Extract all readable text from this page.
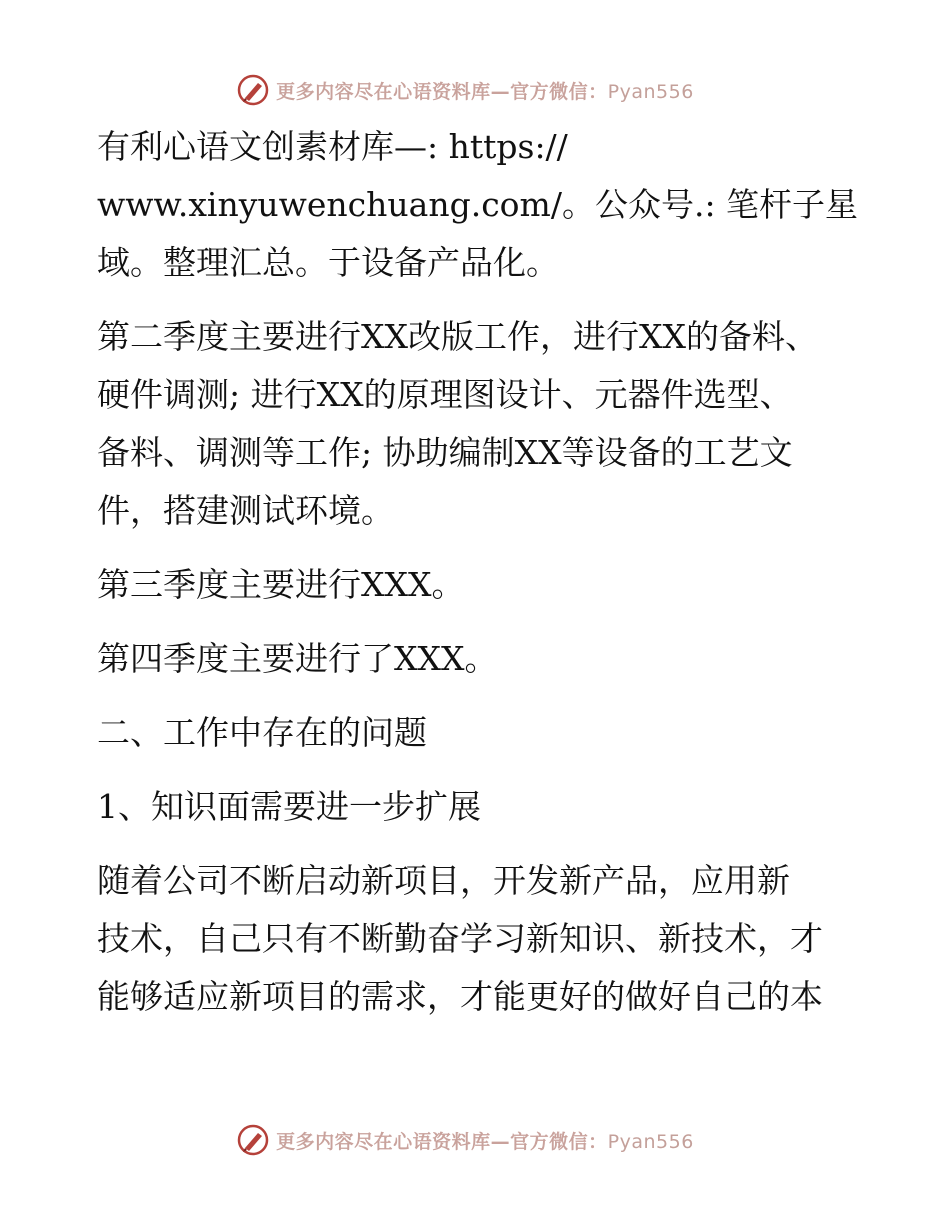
更多内容尽在心语资料库—官方微信：Pyan556
有利心语文创素材库—: https://
www.xinyuwenchuang.com/。公众号.: 笔杆子星
域。整理汇总。于设备产品化。
第二季度主要进行XX改版工作，进行XX的备料、
硬件调测; 进行XX的原理图设计、元器件选型、
备料、调测等工作; 协助编制XX等设备的工艺文
件，搭建测试环境。
第三季度主要进行XXX。
第四季度主要进行了XXX。
二、工作中存在的问题
1、知识面需要进一步扩展
随着公司不断启动新项目，开发新产品，应用新
技术，自己只有不断勤奋学习新知识、新技术，才
能够适应新项目的需求，才能更好的做好自己的本
更多内容尽在心语资料库—官方微信：Pyan556
